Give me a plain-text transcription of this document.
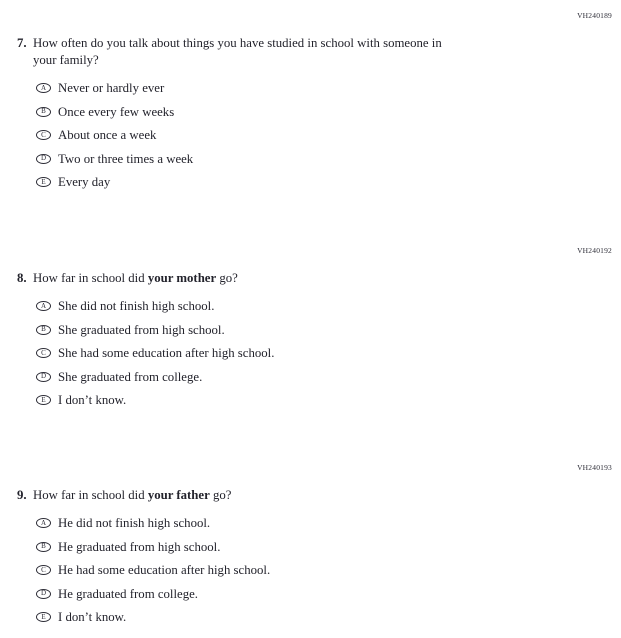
VH240189
7. How often do you talk about things you have studied in school with someone in
your family?
A Never or hardly ever
B Once every few weeks
C About once a week
D Two or three times a week
E Every day
VH240192
8. How far in school did your mother go?
A She did not finish high school.
B She graduated from high school.
C She had some education after high school.
D She graduated from college.
E I don’t know.
VH240193
9. How far in school did your father go?
A He did not finish high school.
B He graduated from high school.
C He had some education after high school.
D He graduated from college.
E I don’t know.
